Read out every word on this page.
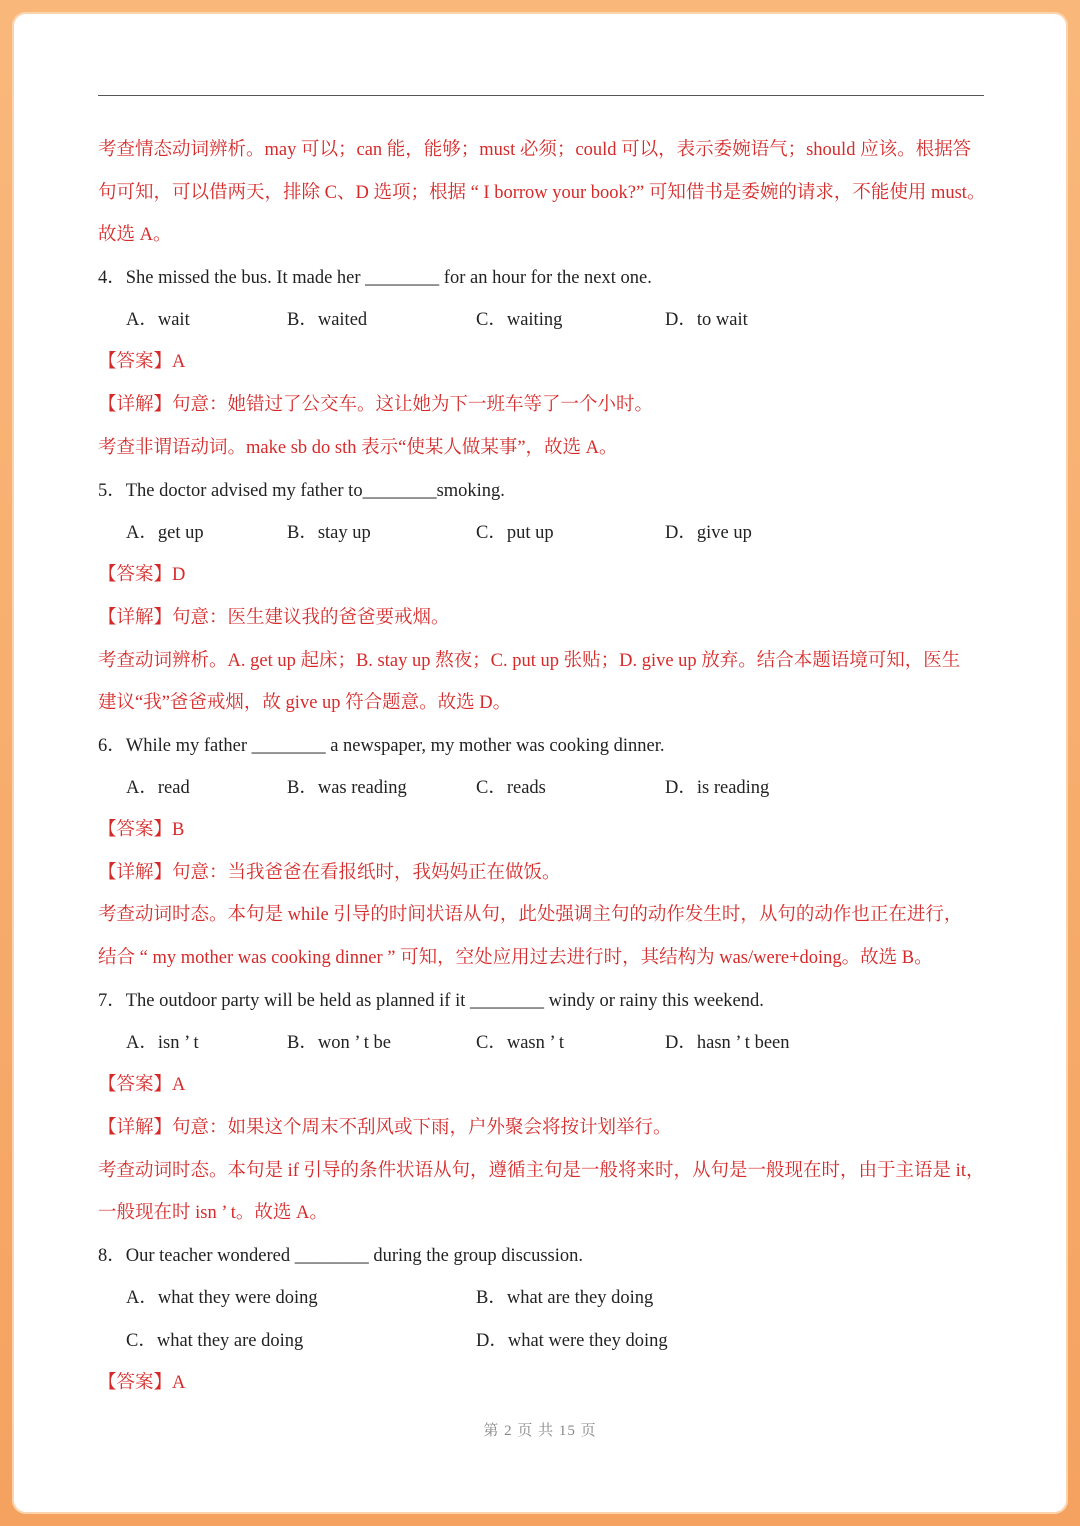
考查情态动词辨析。may 可以；can 能，能够；must 必须；could 可以，表示委婉语气；should 应该。根据答
句可知，可以借两天，排除 C、D 选项；根据 “ I borrow your book?” 可知借书是委婉的请求，不能使用 must。
故选 A。
4．She missed the bus. It made her ________ for an hour for the next one.
A．wait	B．waited	C．waiting	D．to wait
【答案】A
【详解】句意：她错过了公交车。这让她为下一班车等了一个小时。
考查非谓语动词。make sb do sth 表示“使某人做某事”，故选 A。
5．The doctor advised my father to________smoking.
A．get up	B．stay up	C．put up	D．give up
【答案】D
【详解】句意：医生建议我的爸爸要戒烟。
考查动词辨析。A. get up 起床；B. stay up 熬夜；C. put up 张贴；D. give up 放弃。结合本题语境可知，医生
建议“我”爸爸戒烟，故 give up 符合题意。故选 D。
6．While my father ________ a newspaper, my mother was cooking dinner.
A．read	B．was reading	C．reads	D．is reading
【答案】B
【详解】句意：当我爸爸在看报纸时，我妈妈正在做饭。
考查动词时态。本句是 while 引导的时间状语从句，此处强调主句的动作发生时，从句的动作也正在进行，
结合 “ my mother was cooking dinner ” 可知，空处应用过去进行时，其结构为 was/were+doing。故选 B。
7．The outdoor party will be held as planned if it ________ windy or rainy this weekend.
A．isn ’ t	B．won ’ t be	C．wasn ’ t	D．hasn ’ t been
【答案】A
【详解】句意：如果这个周末不刮风或下雨，户外聚会将按计划举行。
考查动词时态。本句是 if 引导的条件状语从句，遵循主句是一般将来时，从句是一般现在时，由于主语是 it，
一般现在时 isn ’ t。故选 A。
8．Our teacher wondered ________ during the group discussion.
A．what they were doing	B．what are they doing
C．what they are doing	D．what were they doing
【答案】A
第 2 页 共 15 页
